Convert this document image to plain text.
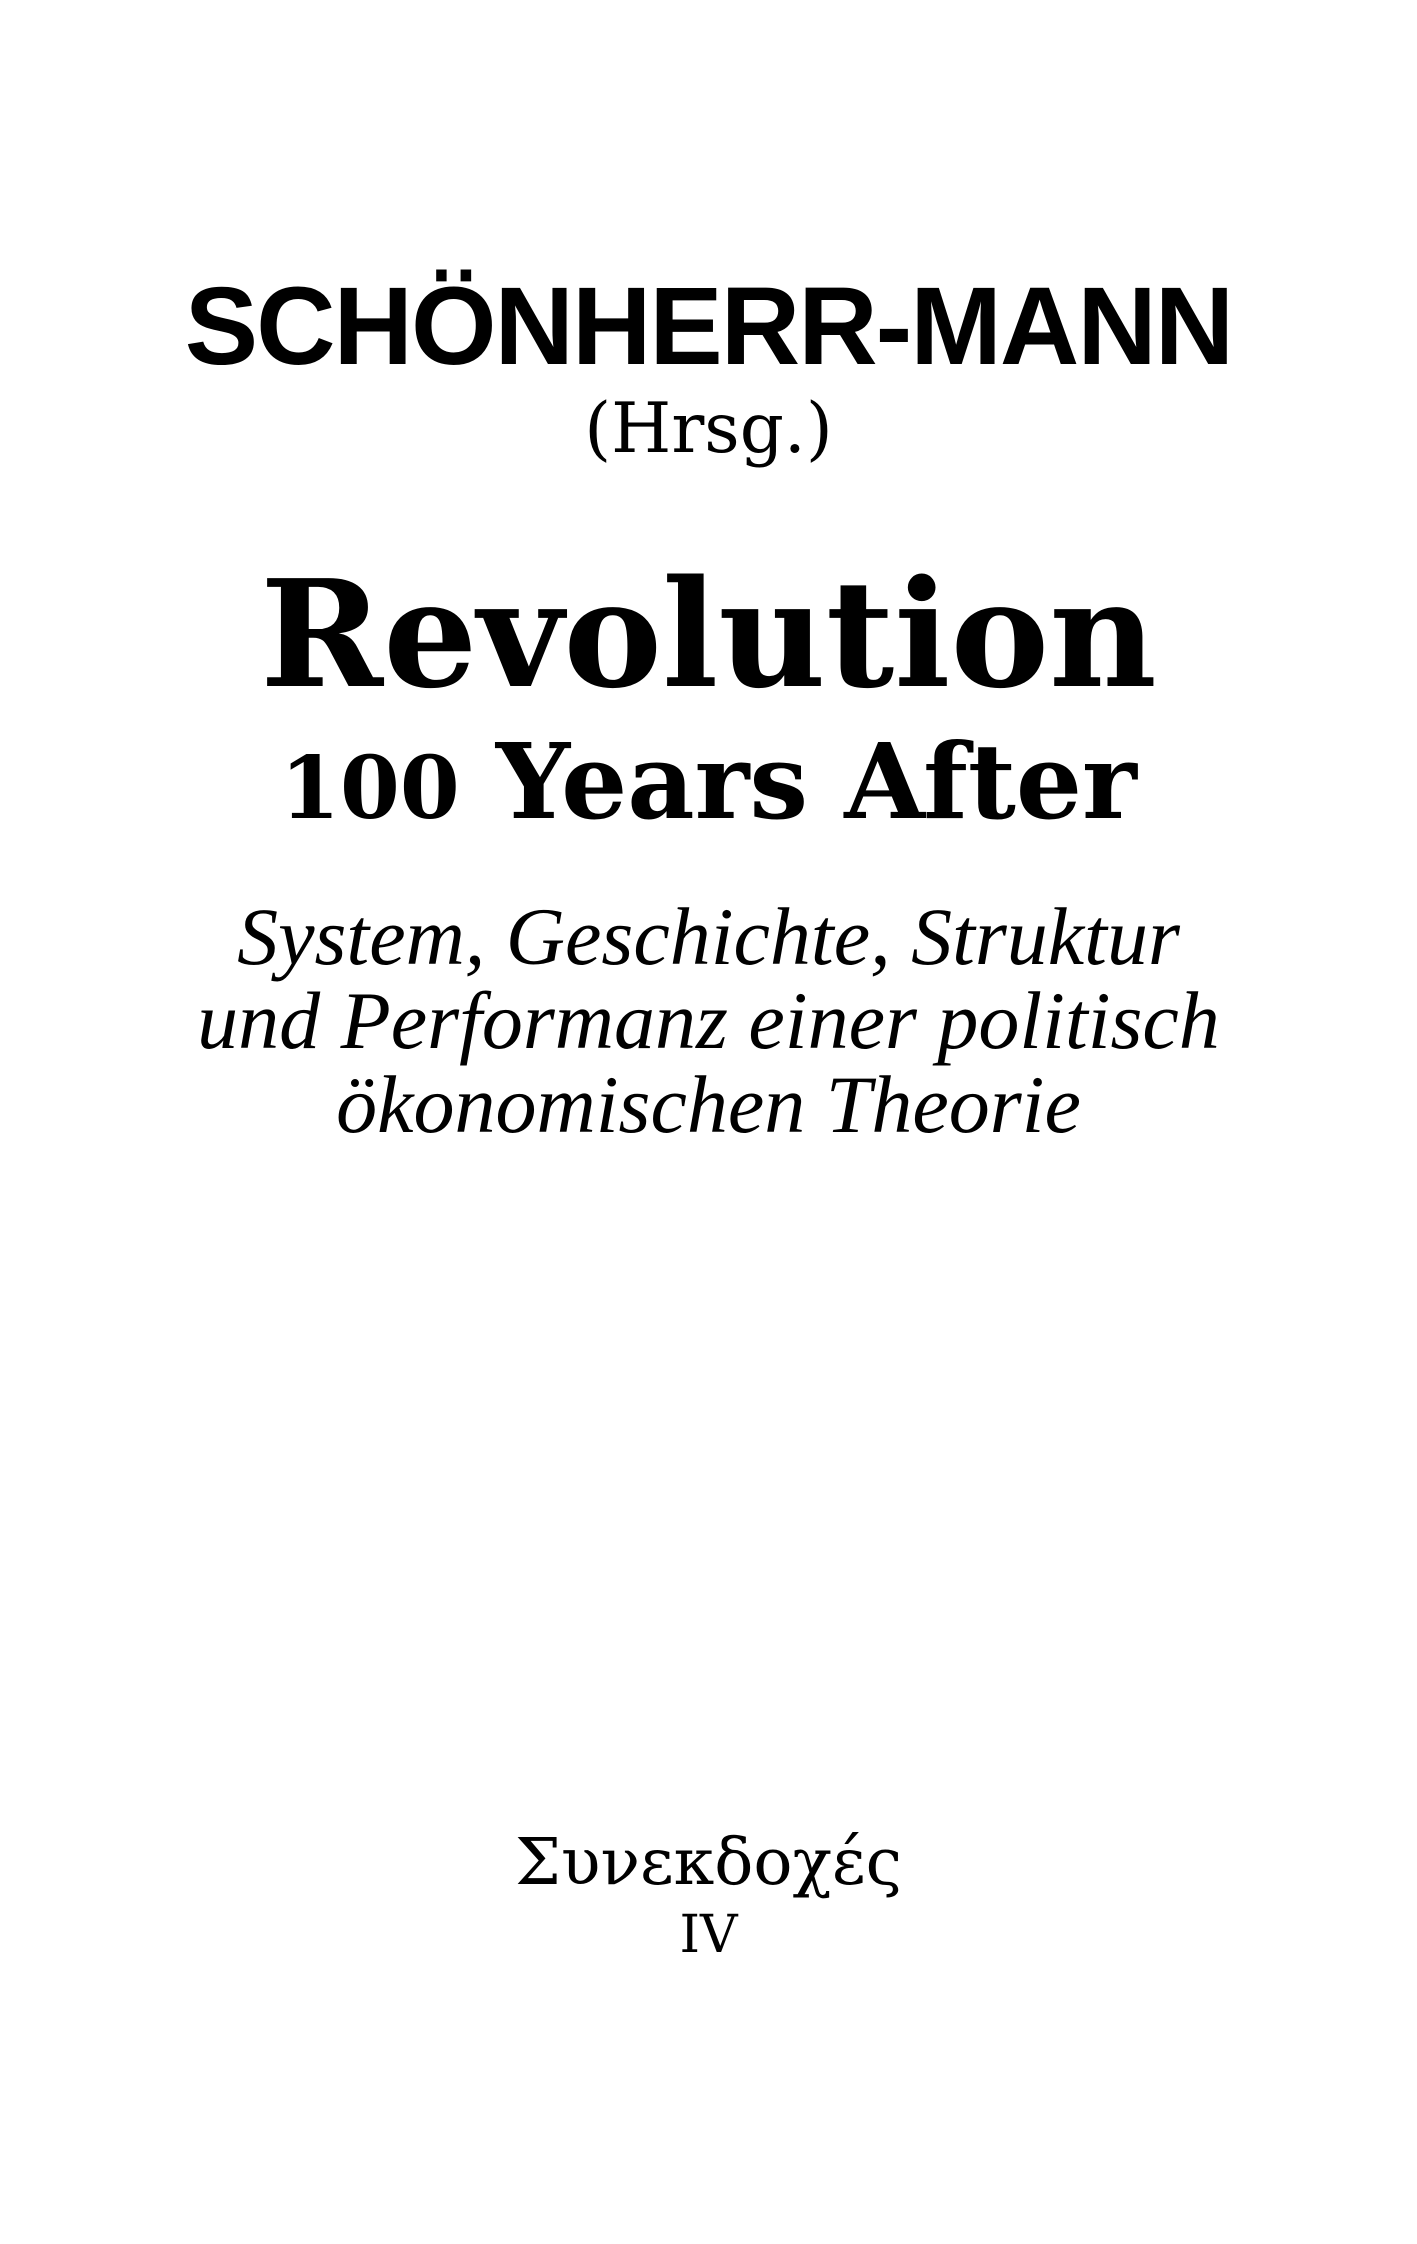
SCHÖNHERR-MANN
(Hrsg.)
Revolution
100 Years After
System, Geschichte, Struktur
und Performanz einer politisch
ökonomischen Theorie
Συνεκδοχές
IV
